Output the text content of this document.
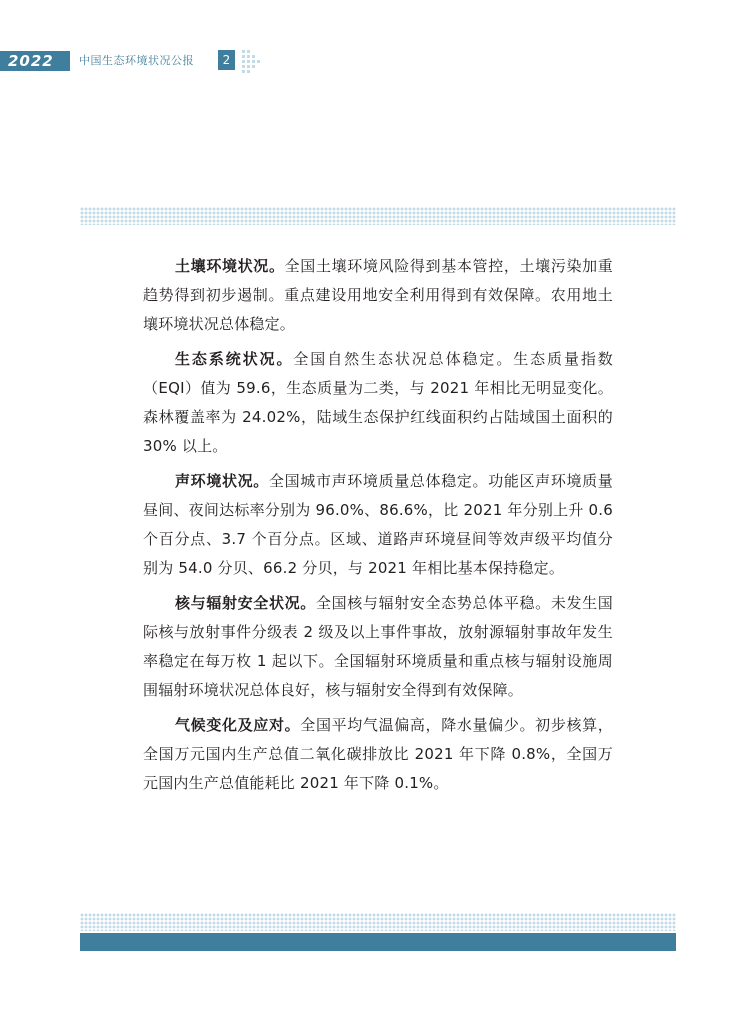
2022 中国生态环境状况公报	2

土壤环境状况。全国土壤环境风险得到基本管控，土壤污染加重趋势得到初步遏制。重点建设用地安全利用得到有效保障。农用地土壤环境状况总体稳定。

生态系统状况。全国自然生态状况总体稳定。生态质量指数（EQI）值为 59.6，生态质量为二类，与 2021 年相比无明显变化。森林覆盖率为 24.02%，陆域生态保护红线面积约占陆域国土面积的 30% 以上。

声环境状况。全国城市声环境质量总体稳定。功能区声环境质量昼间、夜间达标率分别为 96.0%、86.6%，比 2021 年分别上升 0.6 个百分点、3.7 个百分点。区域、道路声环境昼间等效声级平均值分别为 54.0 分贝、66.2 分贝，与 2021 年相比基本保持稳定。

核与辐射安全状况。全国核与辐射安全态势总体平稳。未发生国际核与放射事件分级表 2 级及以上事件事故，放射源辐射事故年发生率稳定在每万枚 1 起以下。全国辐射环境质量和重点核与辐射设施周围辐射环境状况总体良好，核与辐射安全得到有效保障。

气候变化及应对。全国平均气温偏高，降水量偏少。初步核算，全国万元国内生产总值二氧化碳排放比 2021 年下降 0.8%，全国万元国内生产总值能耗比 2021 年下降 0.1%。
